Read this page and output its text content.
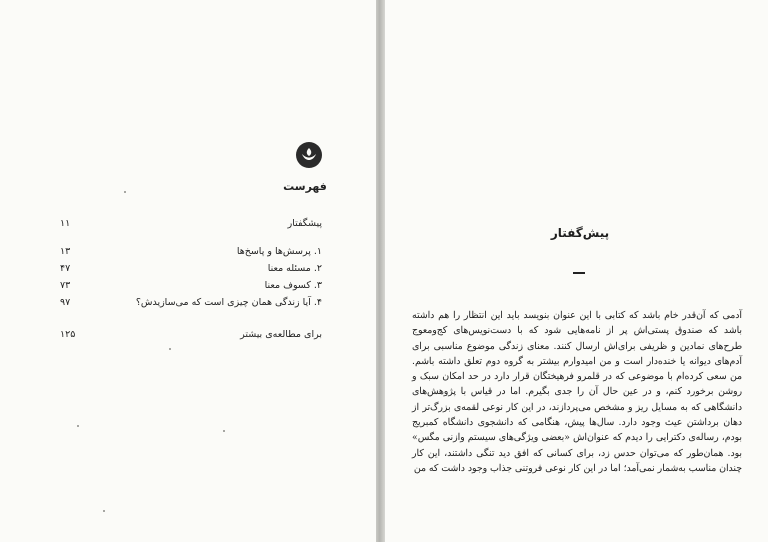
فهرست
پیشگفتار
۱۱
۱. پرسش‌ها و پاسخ‌ها
۱۳
۲. مسئله معنا
۴۷
۳. کسوف معنا
۷۳
۴. آیا زندگی همان چیزی است که می‌سازیدش؟
۹۷
برای مطالعه‌ی بیشتر
۱۲۵
پیش‌گفتار

آدمی که آن‌قدر خام باشد که کتابی با این عنوان بنویسد باید این انتظار را هم داشته باشد که صندوق پستی‌اش پر از نامه‌هایی شود که با دست‌نویس‌های کج‌ومعوج طرح‌های نمادین و ظریفی برای‌اش ارسال کنند. معنای زندگی موضوع مناسبی برای آدم‌های دیوانه یا خنده‌دار است و من امیدوارم بیشتر به گروه دوم تعلق داشته باشم. من سعی کرده‌ام با موضوعی که در قلمرو فرهیختگان قرار دارد در حد امکان سبک و روشن برخورد کنم، و در عین حال آن را جدی بگیرم. اما در قیاس با پژوهش‌های دانشگاهی که به مسایل ریز و مشخص می‌پردازند، در این کار نوعی لقمه‌ی بزرگ‌تر از دهان برداشتن عیث وجود دارد. سال‌ها پیش، هنگامی که دانشجوی دانشگاه کمبریج بودم، رساله‌ی دکترایی را دیدم که عنوان‌اش «بعضی ویژگی‌های سیستم وازنی مگس» بود. همان‌طور که می‌توان حدس زد، برای کسانی که افق دید تنگی داشتند، این کار چندان مناسب به‌شمار نمی‌آمد؛ اما در این کار نوعی فروتنی جذاب وجود داشت که من
